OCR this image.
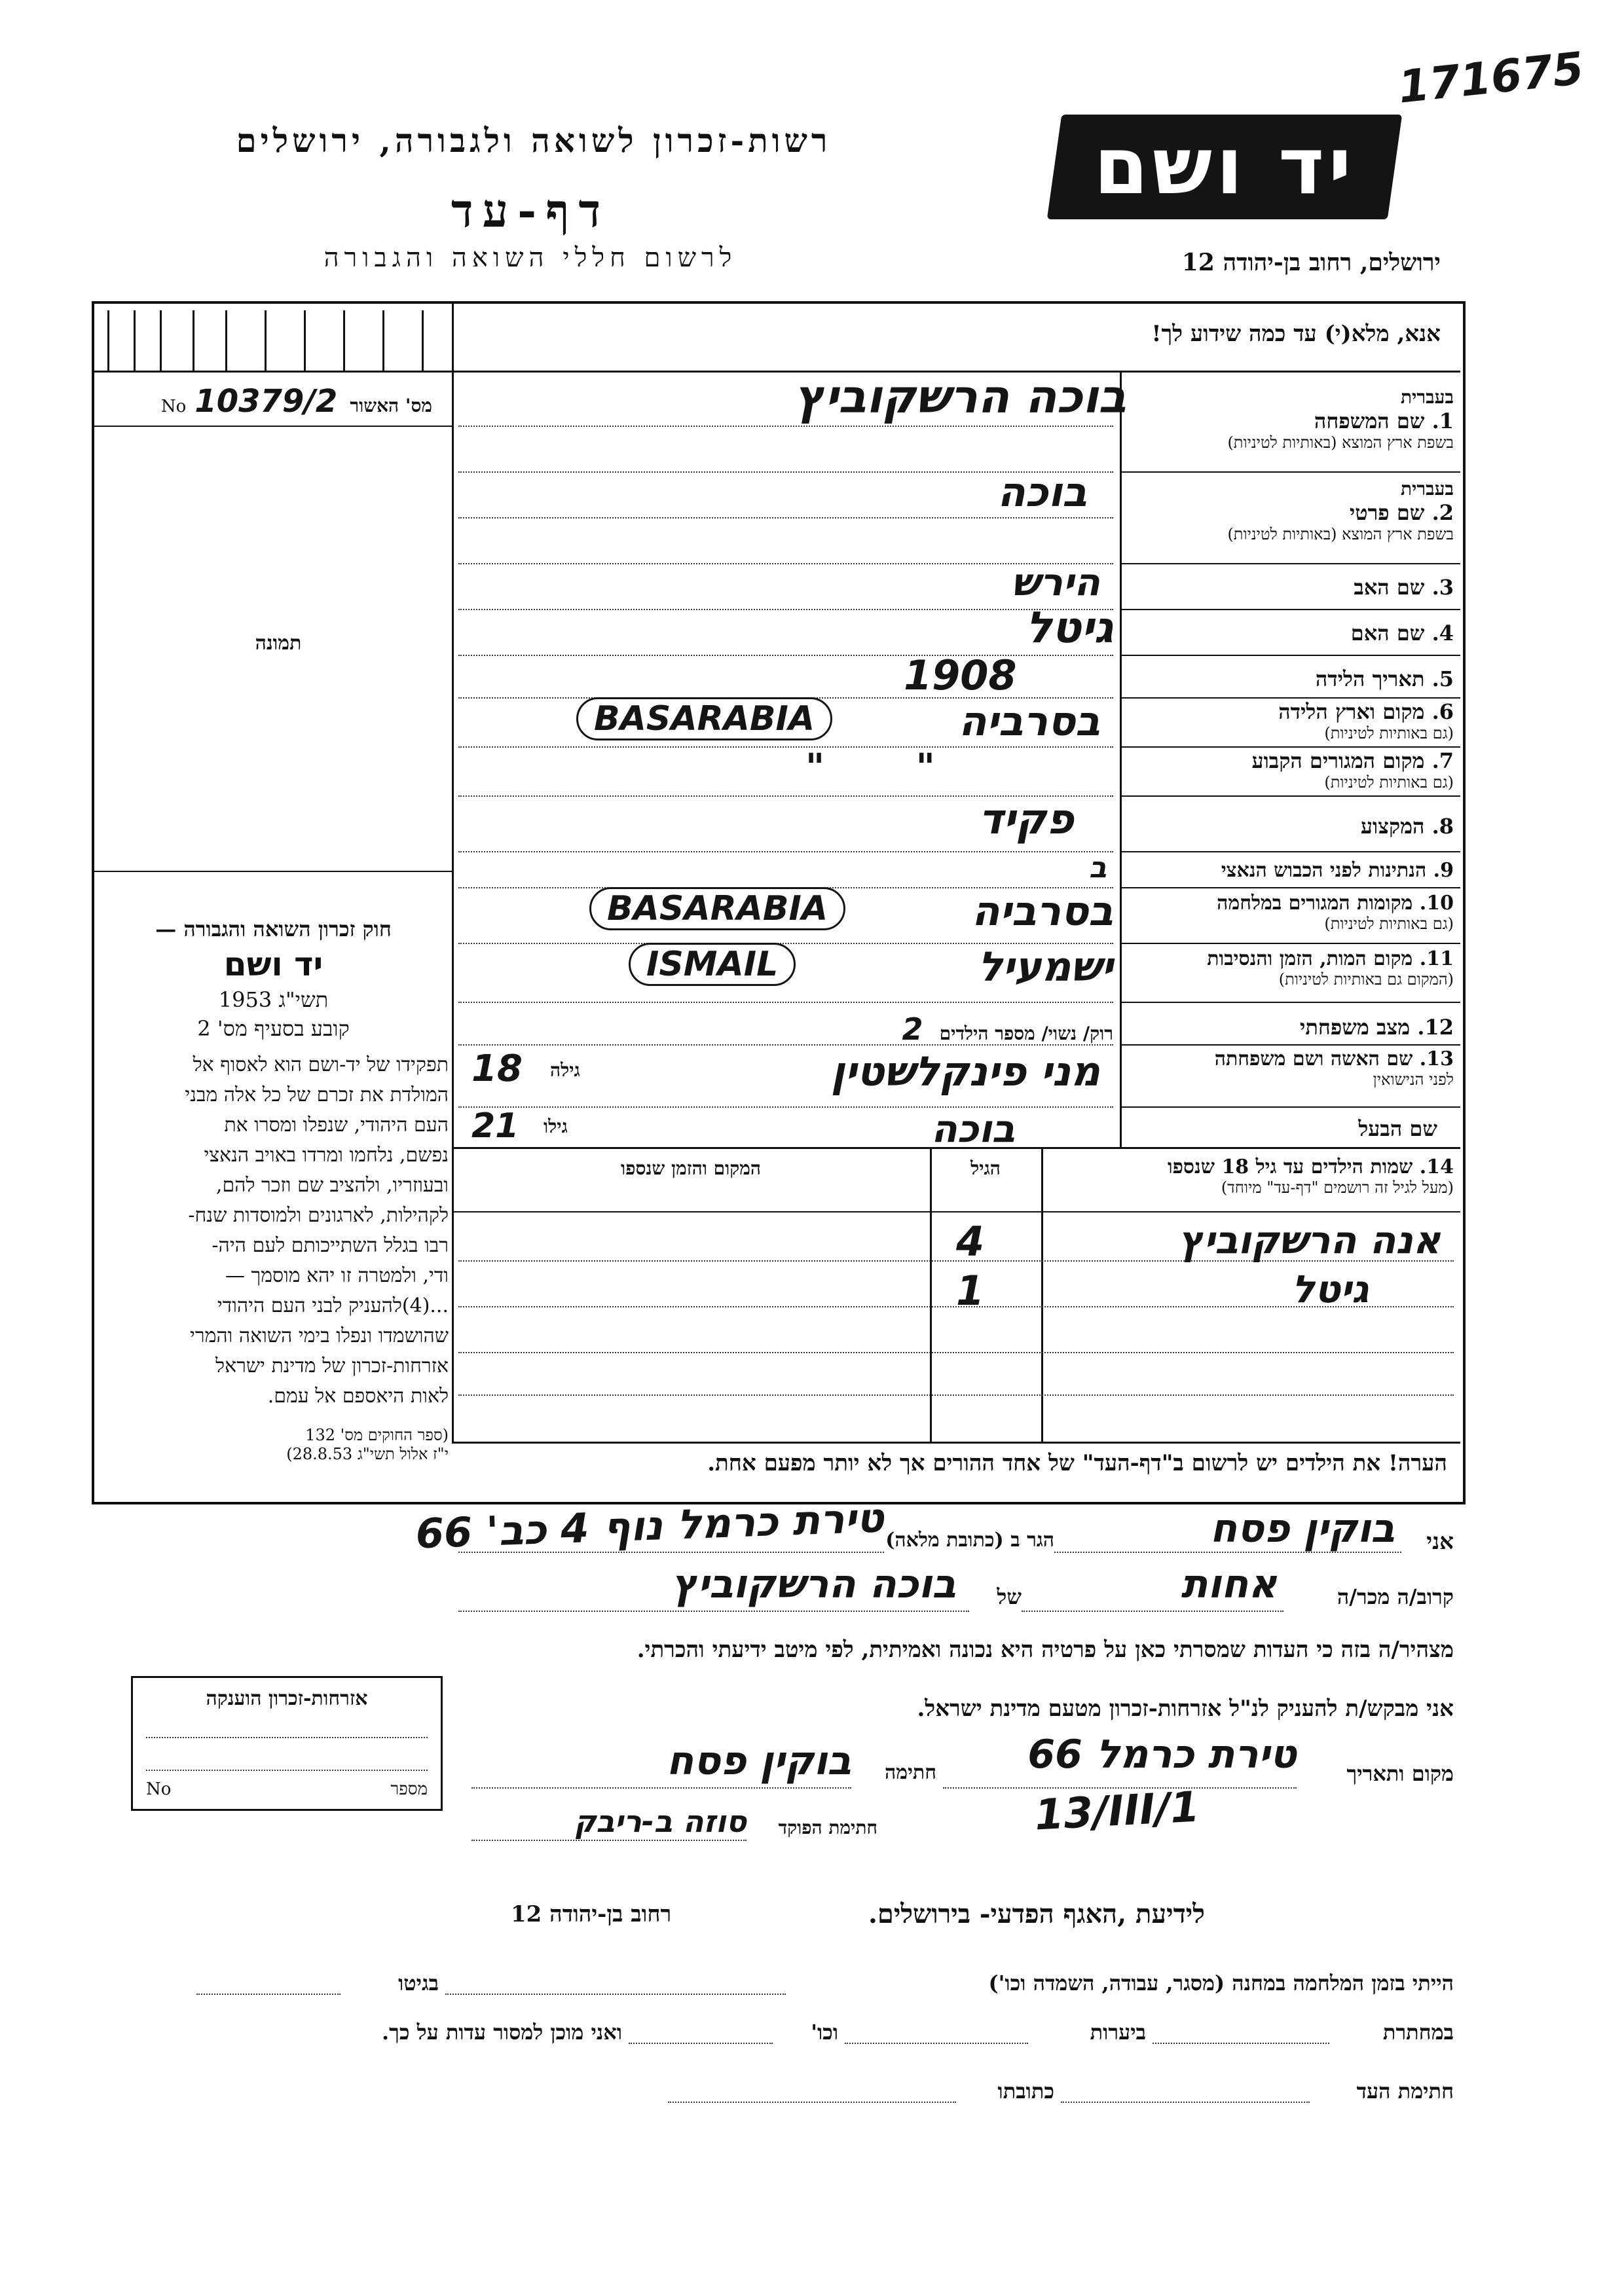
171675
רשות-זכרון לשואה ולגבורה, ירושלים
דף-עד
לרשום חללי השואה והגבורה
יד ושם
ירושלים, רחוב בן-יהודה 12
אנא, מלא(י) עד כמה שידוע לך!
מס' האשור 10379/2 No
תמונה
חוק זכרון השואה והגבורה —
יד ושם
תשי"ג 1953
קובע בסעיף מס' 2
תפקידו של יד-ושם הוא לאסוף אל
המולדת את זכרם של כל אלה מבני
העם היהודי, שנפלו ומסרו את
נפשם, נלחמו ומרדו באויב הנאצי
ובעוזריו, ולהציב שם וזכר להם,
לקהילות, לארגונים ולמוסדות שנח-
רבו בגלל השתייכותם לעם היה-
ודי, ולמטרה זו יהא מוסמך —
...(4)להעניק לבני העם היהודי
שהושמדו ונפלו בימי השואה והמרי
אזרחות-זכרון של מדינת ישראל
לאות היאספם אל עמם.
(ספר החוקים מס' 132
י"ז אלול תשי"ג 28.8.53)
בעברית
1. שם המשפחה
בשפת ארץ המוצא (באותיות לטיניות)
בעברית
2. שם פרטי
בשפת ארץ המוצא (באותיות לטיניות)
3. שם האב
4. שם האם
5. תאריך הלידה
6. מקום וארץ הלידה
(גם באותיות לטיניות)
7. מקום המגורים הקבוע
(גם באותיות לטיניות)
8. המקצוע
9. הנתינות לפני הכבוש הנאצי
10. מקומות המגורים במלחמה
(גם באותיות לטיניות)
11. מקום המות, הזמן והנסיבות
(המקום גם באותיות לטיניות)
12. מצב משפחתי
13. שם האשה ושם משפחתה
לפני הנישואין
שם הבעל
בוכה הרשקוביץ
בוכה
הירש
גיטל
1908
בסרביה
BASARABIA
" "
פקיד
ב
בסרביה
BASARABIA
ישמעיל
ISMAIL
רוק/ נשוי/ מספר הילדים 2
מני פינקלשטין
18 גילה
בוכה
21 גילו
14. שמות הילדים עד גיל 18 שנספו
(מעל לגיל זה רושמים "דף-עד" מיוחד)
הגיל
המקום והזמן שנספו
אנה הרשקוביץ
4
גיטל
1
הערה! את הילדים יש לרשום ב"דף-העד" של אחד ההורים אך לא יותר מפעם אחת.
אני
בוקין פסח
הגר ב (כתובת מלאה)
טירת כרמל נוף 4 כב' 66
קרוב/ה מכר/ה
אחות
של
בוכה הרשקוביץ
מצהיר/ה בזה כי העדות שמסרתי כאן על פרטיה היא נכונה ואמיתית, לפי מיטב ידיעתי והכרתי.
אזרחות-זכרון הוענקה
מספר
No
אני מבקש/ת להעניק לנ"ל אזרחות-זכרון מטעם מדינת ישראל.
מקום ותאריך
טירת כרמל 66
חתימה
בוקין פסח
13/III/1
חתימת הפוקד
סוזה ב-ריבק
לידיעת ,האגף הפדעי- בירושלים.
רחוב בן-יהודה 12
הייתי בזמן המלחמה במחנה (מסגר, עבודה, השמדה וכו')
בגיטו
במחתרת
ביערות
וכו'
ואני מוכן למסור עדות על כך.
חתימת העד
כתובתו
